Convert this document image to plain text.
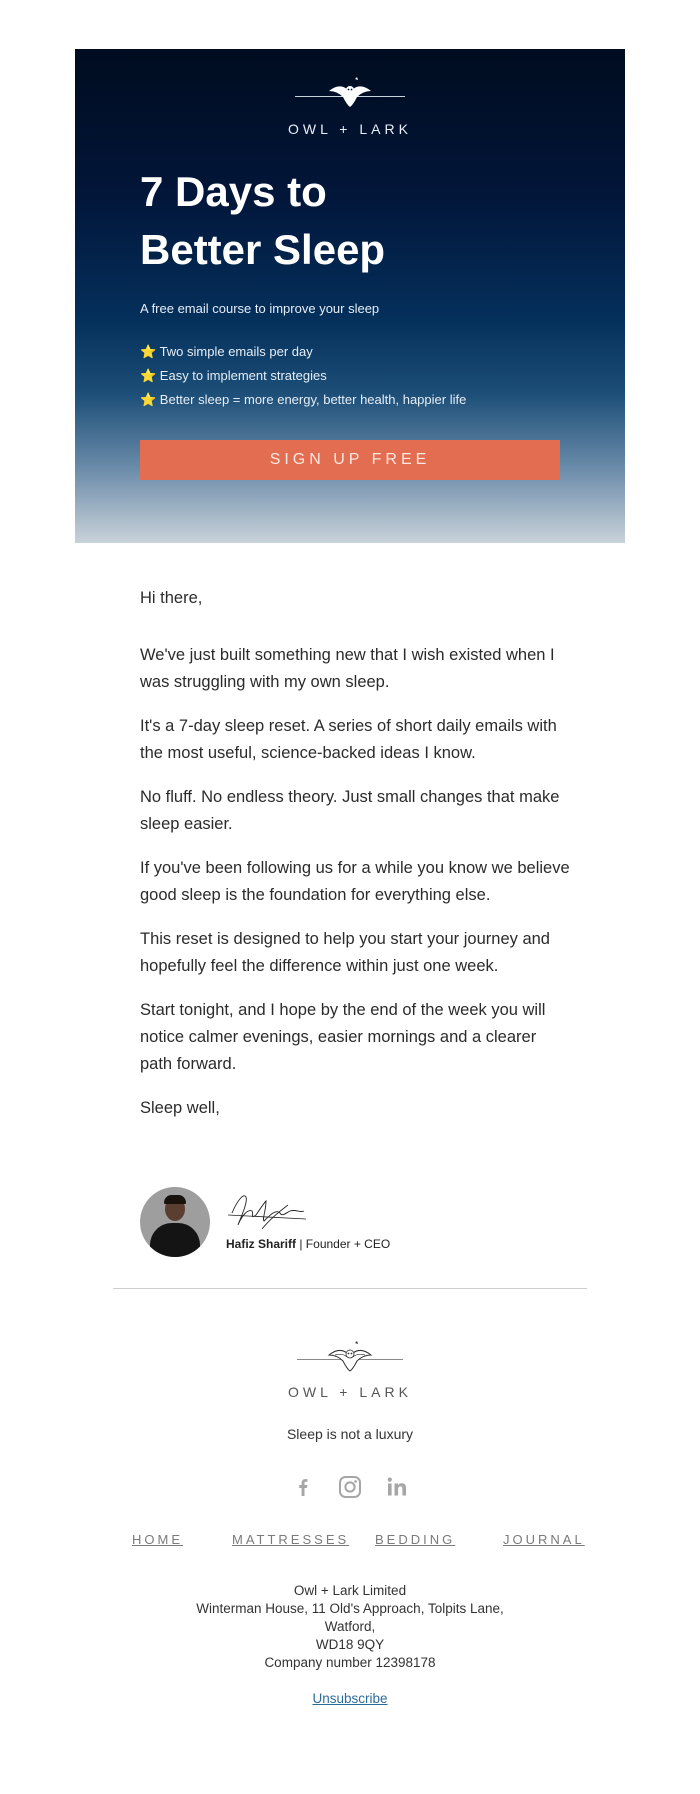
OWL + LARK
7 Days to
Better Sleep
A free email course to improve your sleep
⭐ Two simple emails per day
⭐ Easy to implement strategies
⭐ Better sleep = more energy, better health, happier life
SIGN UP FREE

Hi there,

We've just built something new that I wish existed when I was struggling with my own sleep.

It's a 7-day sleep reset. A series of short daily emails with the most useful, science-backed ideas I know.

No fluff. No endless theory. Just small changes that make sleep easier.

If you've been following us for a while you know we believe good sleep is the foundation for everything else.

This reset is designed to help you start your journey and hopefully feel the difference within just one week.

Start tonight, and I hope by the end of the week you will notice calmer evenings, easier mornings and a clearer path forward.

Sleep well,

Hafiz Shariff | Founder + CEO
OWL + LARK
Sleep is not a luxury
HOME	MATTRESSES BEDDING	JOURNAL
Owl + Lark Limited
Winterman House, 11 Old's Approach, Tolpits Lane,
Watford,
WD18 9QY
Company number 12398178
Unsubscribe
